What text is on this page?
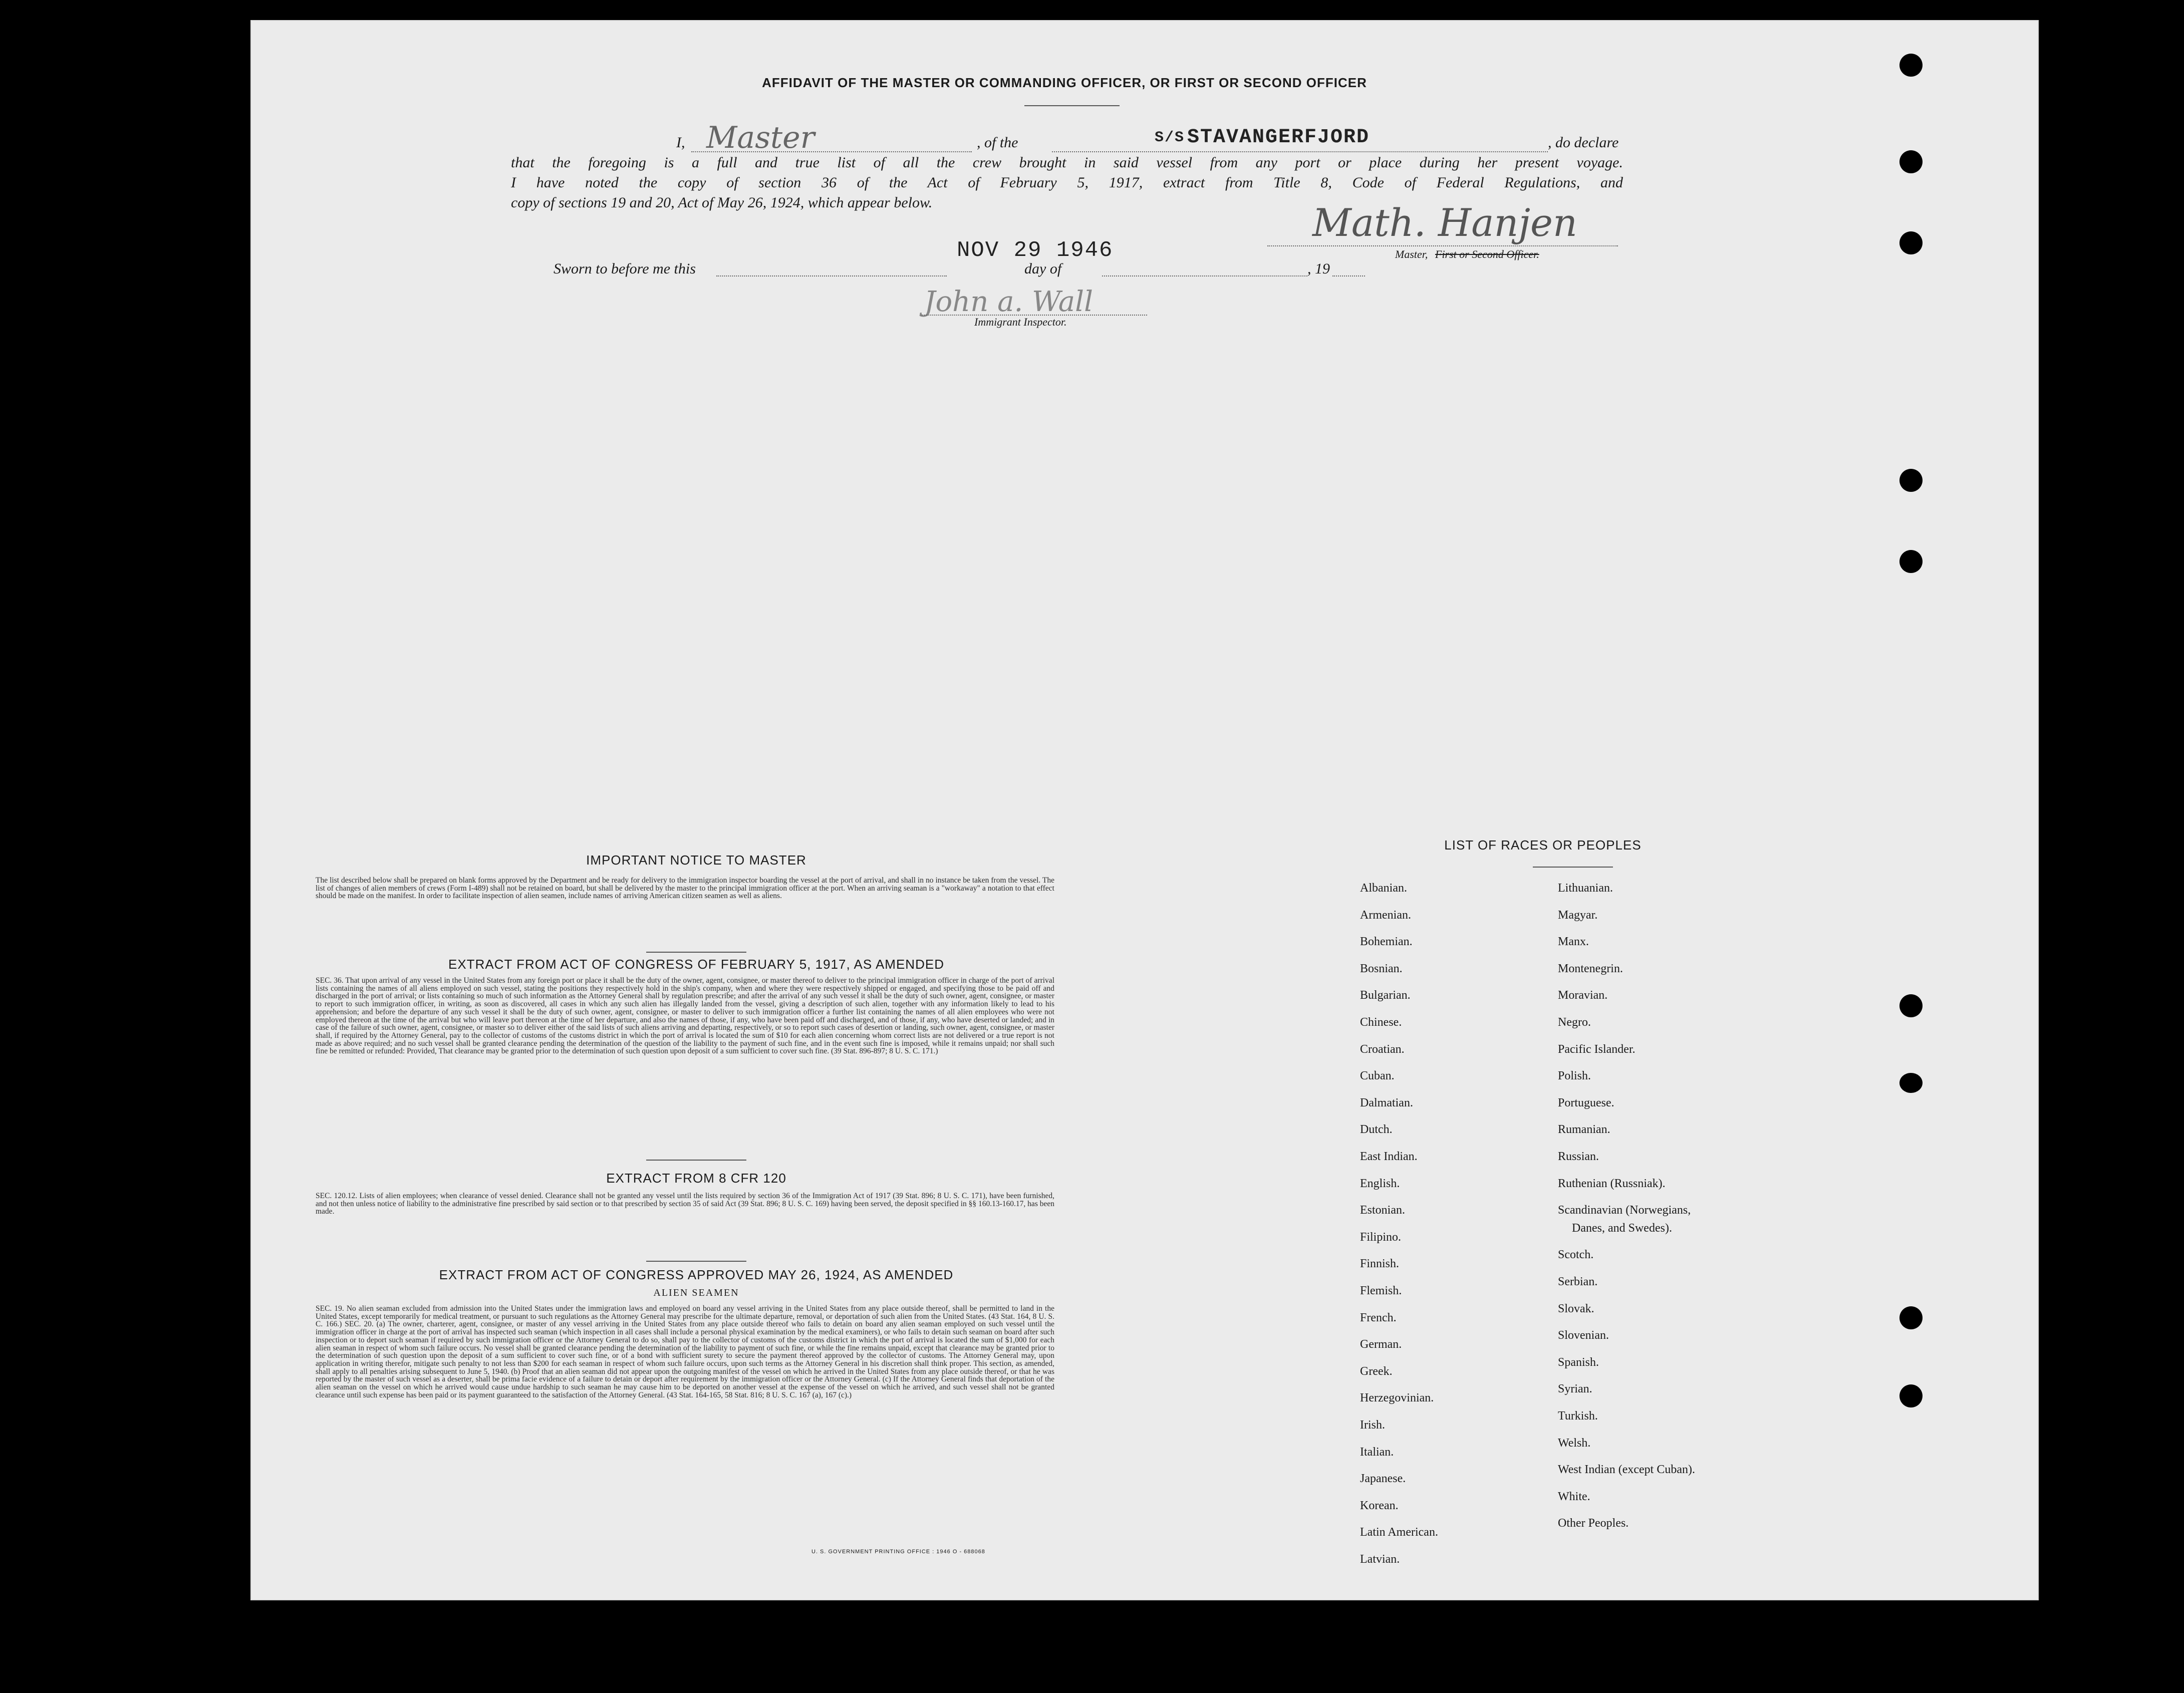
AFFIDAVIT OF THE MASTER OR COMMANDING OFFICER, OR FIRST OR SECOND OFFICER
I, Master	, of the	S/S STAVANGERFJORD	, do declare
that the foregoing is a full and true list of all the crew brought in said vessel from any port or place during her present voyage.
I have noted the copy of section 36 of the Act of February 5, 1917, extract from Title 8, Code of Federal Regulations, and
copy of sections 19 and 20, Act of May 26, 1924, which appear below.	Math. Hanjen
Master, First or Second Officer.
Sworn to before me this
NOV 29 1946
day of	, 19
John a. Wall
Immigrant Inspector.
IMPORTANT NOTICE TO MASTER
The list described below shall be prepared on blank forms approved by the Department and be ready for delivery to the immigration inspector boarding the vessel at the port of arrival, and shall in no instance be taken from the vessel. The list of changes of alien members of crews (Form I-489) shall not be retained on board, but shall be delivered by the master to the principal immigration officer at the port. When an arriving seaman is a "workaway" a notation to that effect should be made on the manifest. In order to facilitate inspection of alien seamen, include names of arriving American citizen seamen as well as aliens.
EXTRACT FROM ACT OF CONGRESS OF FEBRUARY 5, 1917, AS AMENDED
SEC. 36. That upon arrival of any vessel in the United States from any foreign port or place it shall be the duty of the owner, agent, consignee, or master thereof to deliver to the principal immigration officer in charge of the port of arrival lists containing the names of all aliens employed on such vessel, stating the positions they respectively hold in the ship's company, when and where they were respectively shipped or engaged, and specifying those to be paid off and discharged in the port of arrival; or lists containing so much of such information as the Attorney General shall by regulation prescribe; and after the arrival of any such vessel it shall be the duty of such owner, agent, consignee, or master to report to such immigration officer, in writing, as soon as discovered, all cases in which any such alien has illegally landed from the vessel, giving a description of such alien, together with any information likely to lead to his apprehension; and before the departure of any such vessel it shall be the duty of such owner, agent, consignee, or master to deliver to such immigration officer a further list containing the names of all alien employees who were not employed thereon at the time of the arrival but who will leave port thereon at the time of her departure, and also the names of those, if any, who have been paid off and discharged, and of those, if any, who have deserted or landed; and in case of the failure of such owner, agent, consignee, or master so to deliver either of the said lists of such aliens arriving and departing, respectively, or so to report such cases of desertion or landing, such owner, agent, consignee, or master shall, if required by the Attorney General, pay to the collector of customs of the customs district in which the port of arrival is located the sum of $10 for each alien concerning whom correct lists are not delivered or a true report is not made as above required; and no such vessel shall be granted clearance pending the determination of the question of the liability to the payment of such fine, and in the event such fine is imposed, while it remains unpaid; nor shall such fine be remitted or refunded: Provided, That clearance may be granted prior to the determination of such question upon deposit of a sum sufficient to cover such fine. (39 Stat. 896-897; 8 U. S. C. 171.)
EXTRACT FROM 8 CFR 120
SEC. 120.12. Lists of alien employees; when clearance of vessel denied. Clearance shall not be granted any vessel until the lists required by section 36 of the Immigration Act of 1917 (39 Stat. 896; 8 U. S. C. 171), have been furnished, and not then unless notice of liability to the administrative fine prescribed by said section or to that prescribed by section 35 of said Act (39 Stat. 896; 8 U. S. C. 169) having been served, the deposit specified in §§ 160.13-160.17, has been made.
EXTRACT FROM ACT OF CONGRESS APPROVED MAY 26, 1924, AS AMENDED
ALIEN SEAMEN
SEC. 19. No alien seaman excluded from admission into the United States under the immigration laws and employed on board any vessel arriving in the United States from any place outside thereof, shall be permitted to land in the United States, except temporarily for medical treatment, or pursuant to such regulations as the Attorney General may prescribe for the ultimate departure, removal, or deportation of such alien from the United States. (43 Stat. 164, 8 U. S. C. 166.) SEC. 20. (a) The owner, charterer, agent, consignee, or master of any vessel arriving in the United States from any place outside thereof who fails to detain on board any alien seaman employed on such vessel until the immigration officer in charge at the port of arrival has inspected such seaman (which inspection in all cases shall include a personal physical examination by the medical examiners), or who fails to detain such seaman on board after such inspection or to deport such seaman if required by such immigration officer or the Attorney General to do so, shall pay to the collector of customs of the customs district in which the port of arrival is located the sum of $1,000 for each alien seaman in respect of whom such failure occurs. No vessel shall be granted clearance pending the determination of the liability to payment of such fine, or while the fine remains unpaid, except that clearance may be granted prior to the determination of such question upon the deposit of a sum sufficient to cover such fine, or of a bond with sufficient surety to secure the payment thereof approved by the collector of customs. The Attorney General may, upon application in writing therefor, mitigate such penalty to not less than $200 for each seaman in respect of whom such failure occurs, upon such terms as the Attorney General in his discretion shall think proper. This section, as amended, shall apply to all penalties arising subsequent to June 5, 1940. (b) Proof that an alien seaman did not appear upon the outgoing manifest of the vessel on which he arrived in the United States from any place outside thereof, or that he was reported by the master of such vessel as a deserter, shall be prima facie evidence of a failure to detain or deport after requirement by the immigration officer or the Attorney General. (c) If the Attorney General finds that deportation of the alien seaman on the vessel on which he arrived would cause undue hardship to such seaman he may cause him to be deported on another vessel at the expense of the vessel on which he arrived, and such vessel shall not be granted clearance until such expense has been paid or its payment guaranteed to the satisfaction of the Attorney General. (43 Stat. 164-165, 58 Stat. 816; 8 U. S. C. 167 (a), 167 (c).)
U. S. GOVERNMENT PRINTING OFFICE : 1946 O - 688068
LIST OF RACES OR PEOPLES
Albanian.
Armenian.
Bohemian.
Bosnian.
Bulgarian.
Chinese.
Croatian.
Cuban.
Dalmatian.
Dutch.
East Indian.
English.
Estonian.
Filipino.
Finnish.
Flemish.
French.
German.
Greek.
Herzegovinian.
Irish.
Italian.
Japanese.
Korean.
Latin American.
Latvian.
Lithuanian.
Magyar.
Manx.
Montenegrin.
Moravian.
Negro.
Pacific Islander.
Polish.
Portuguese.
Rumanian.
Russian.
Ruthenian (Russniak).
Scandinavian (Norwegians,
Danes, and Swedes).
Scotch.
Serbian.
Slovak.
Slovenian.
Spanish.
Syrian.
Turkish.
Welsh.
West Indian (except Cuban).
White.
Other Peoples.
